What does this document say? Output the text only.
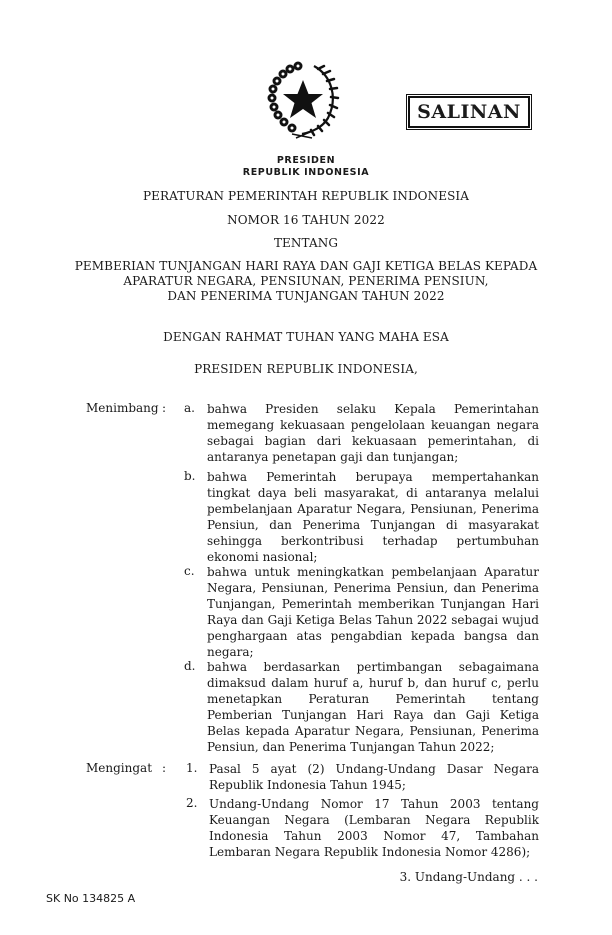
SALINAN
PRESIDEN
REPUBLIK INDONESIA
PERATURAN PEMERINTAH REPUBLIK INDONESIA
NOMOR 16 TAHUN 2022
TENTANG
PEMBERIAN TUNJANGAN HARI RAYA DAN GAJI KETIGA BELAS KEPADA
APARATUR NEGARA, PENSIUNAN, PENERIMA PENSIUN,
DAN PENERIMA TUNJANGAN TAHUN 2022
DENGAN RAHMAT TUHAN YANG MAHA ESA
PRESIDEN REPUBLIK INDONESIA,
Menimbang : a. bahwa Presiden selaku Kepala Pemerintahan memegang kekuasaan pengelolaan keuangan negara sebagai bagian dari kekuasaan pemerintahan, di antaranya penetapan gaji dan tunjangan;
b. bahwa Pemerintah berupaya mempertahankan tingkat daya beli masyarakat, di antaranya melalui pembelanjaan Aparatur Negara, Pensiunan, Penerima Pensiun, dan Penerima Tunjangan di masyarakat sehingga berkontribusi terhadap pertumbuhan ekonomi nasional;
c. bahwa untuk meningkatkan pembelanjaan Aparatur Negara, Pensiunan, Penerima Pensiun, dan Penerima Tunjangan, Pemerintah memberikan Tunjangan Hari Raya dan Gaji Ketiga Belas Tahun 2022 sebagai wujud penghargaan atas pengabdian kepada bangsa dan negara;
d. bahwa berdasarkan pertimbangan sebagaimana dimaksud dalam huruf a, huruf b, dan huruf c, perlu menetapkan Peraturan Pemerintah tentang Pemberian Tunjangan Hari Raya dan Gaji Ketiga Belas kepada Aparatur Negara, Pensiunan, Penerima Pensiun, dan Penerima Tunjangan Tahun 2022;
Mengingat : 1. Pasal 5 ayat (2) Undang-Undang Dasar Negara Republik Indonesia Tahun 1945;
2. Undang-Undang Nomor 17 Tahun 2003 tentang Keuangan Negara (Lembaran Negara Republik Indonesia Tahun 2003 Nomor 47, Tambahan Lembaran Negara Republik Indonesia Nomor 4286);
3. Undang-Undang . . .
SK No 134825 A
